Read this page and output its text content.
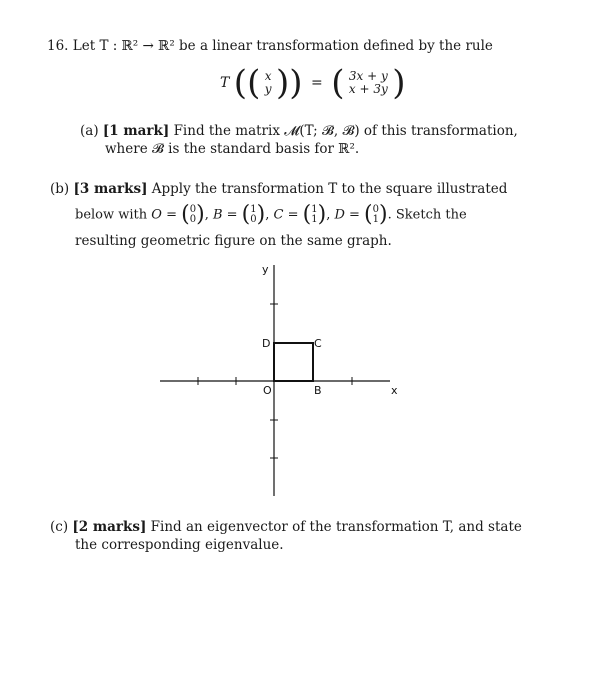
16. Let T : ℝ² → ℝ² be a linear transformation defined by the rule
T (( x
y )) = ( 3x + y
x + 3y )
(a) [1 mark] Find the matrix 𝓜(T; 𝓑, 𝓑) of this transformation,
where 𝓑 is the standard basis for ℝ².
(b) [3 marks] Apply the transformation T to the square illustrated
below with O = (0
0), B = (1
0), C = (1
1), D = (0
1). Sketch the
resulting geometric figure on the same graph.
y
x
O	B
C
D
(c) [2 marks] Find an eigenvector of the transformation T, and state
the corresponding eigenvalue.
